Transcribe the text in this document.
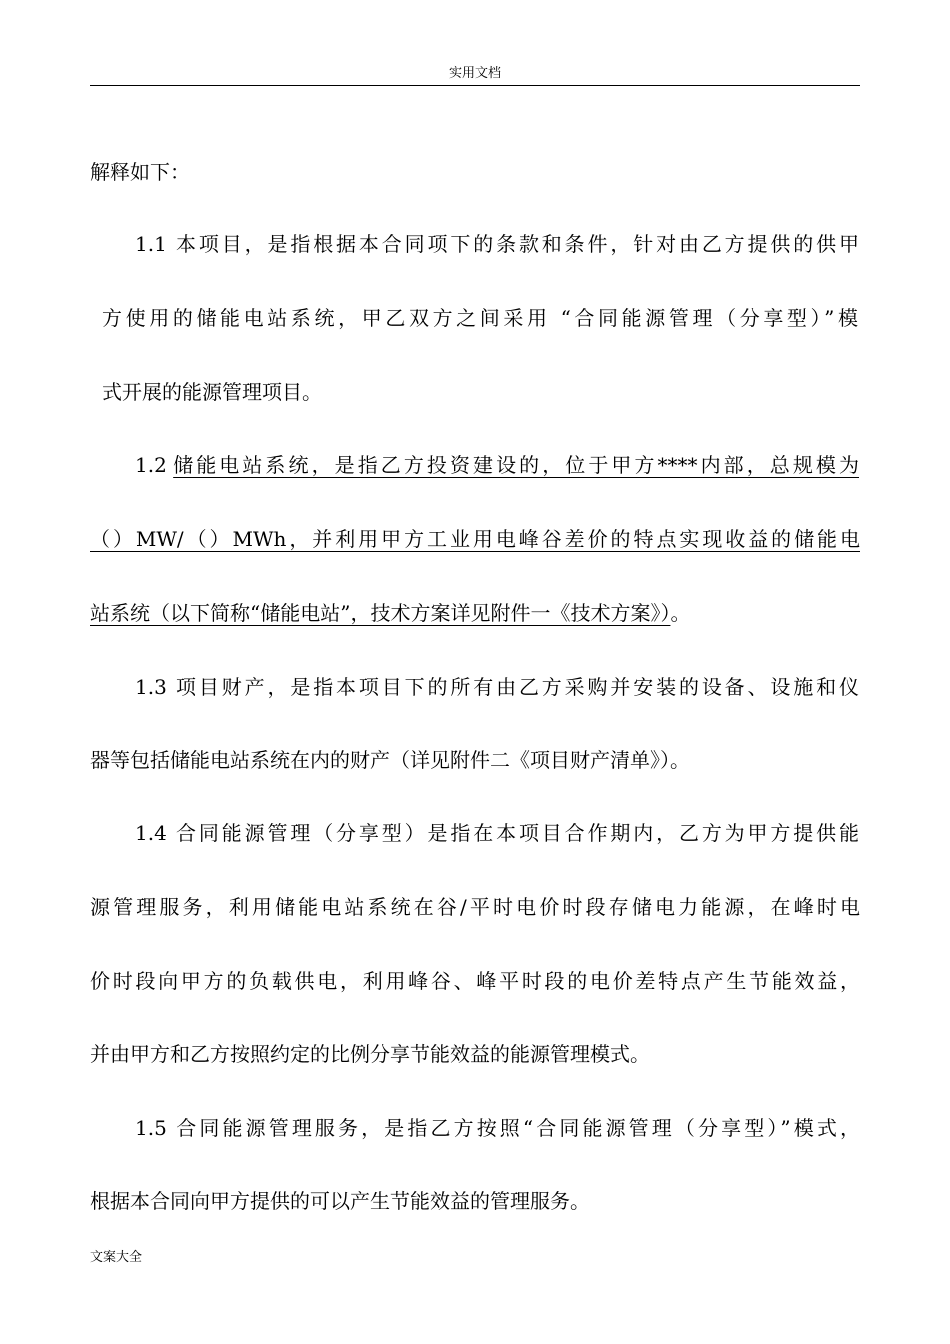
实用文档
解释如下：
1.1 本项目，是指根据本合同项下的条款和条件，针对由乙方提供的供甲
方使用的储能电站系统，甲乙双方之间采用 “合同能源管理（分享型）”模
式开展的能源管理项目。
1.2 储能电站系统，是指乙方投资建设的，位于甲方****内部，总规模为
（）MW/（）MWh，并利用甲方工业用电峰谷差价的特点实现收益的储能电
站系统（以下简称“储能电站”，技术方案详见附件一《技术方案》）。
1.3 项目财产，是指本项目下的所有由乙方采购并安装的设备、设施和仪
器等包括储能电站系统在内的财产（详见附件二《项目财产清单》）。
1.4 合同能源管理（分享型）是指在本项目合作期内，乙方为甲方提供能
源管理服务，利用储能电站系统在谷/平时电价时段存储电力能源，在峰时电
价时段向甲方的负载供电，利用峰谷、峰平时段的电价差特点产生节能效益，
并由甲方和乙方按照约定的比例分享节能效益的能源管理模式。
1.5 合同能源管理服务，是指乙方按照“合同能源管理（分享型）”模式，
根据本合同向甲方提供的可以产生节能效益的管理服务。
文案大全
